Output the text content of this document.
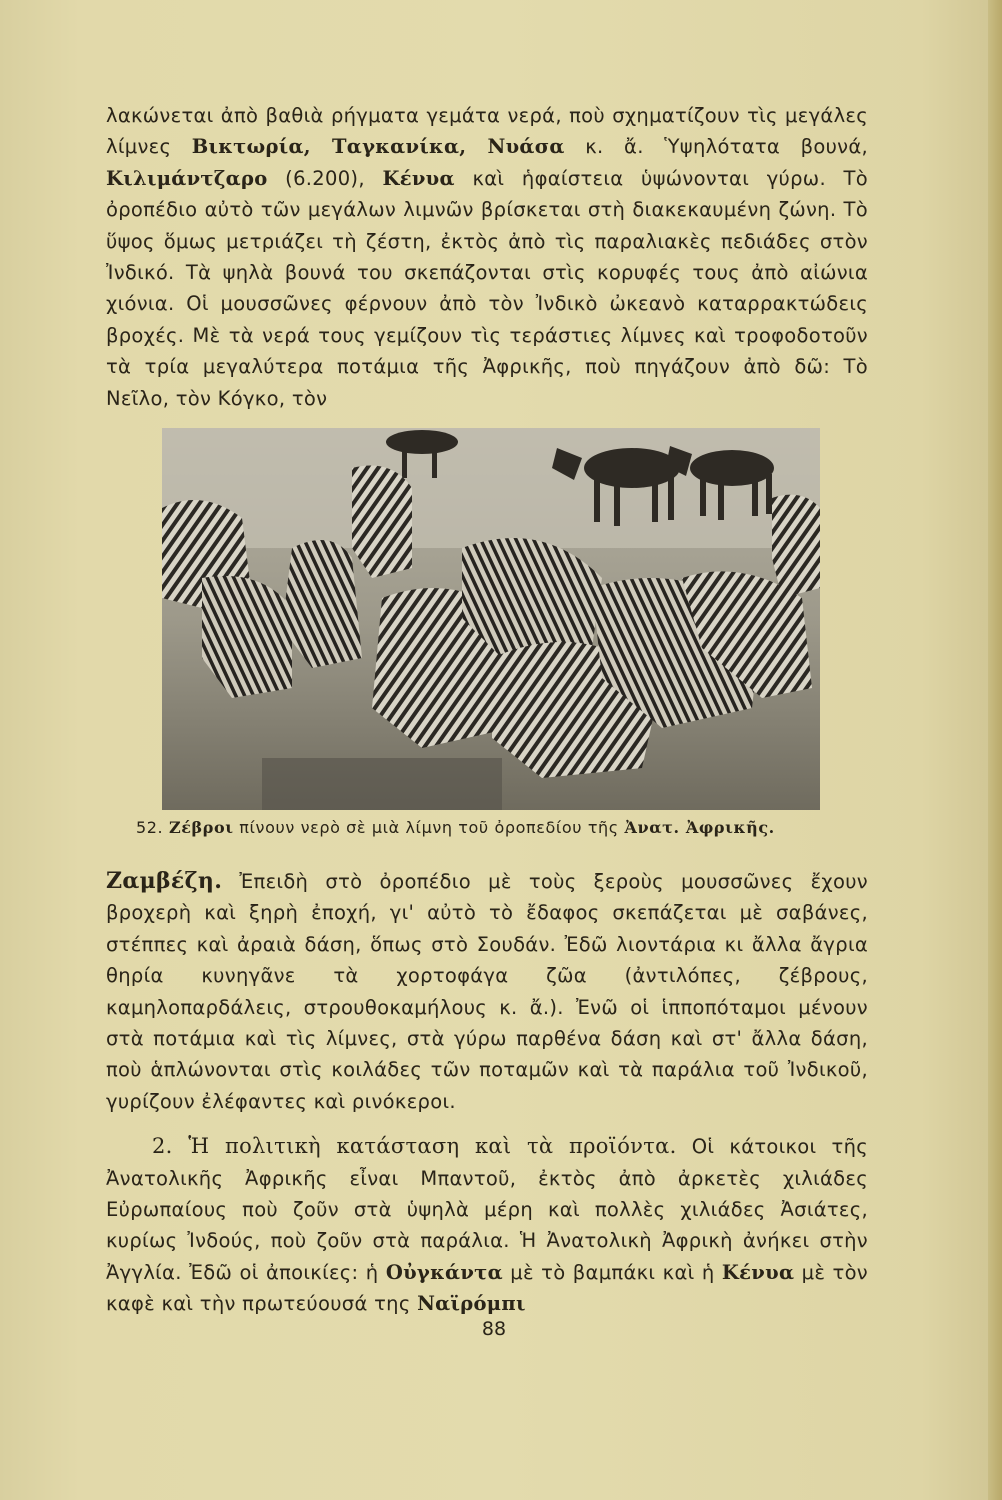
λακώνεται ἀπὸ βαθιὰ ρήγματα γεμάτα νερά, ποὺ σχηματίζουν τὶς μεγάλες λίμνες Βικτωρία, Ταγκανίκα, Νυάσα κ. ἄ. Ὑψηλότατα βουνά, Κιλιμάντζαρο (6.200), Κένυα καὶ ἡφαίστεια ὑψώνονται γύρω. Τὸ ὀροπέδιο αὐτὸ τῶν μεγάλων λιμνῶν βρίσκεται στὴ διακεκαυμένη ζώνη. Τὸ ὕψος ὅμως μετριάζει τὴ ζέστη, ἐκτὸς ἀπὸ τὶς παραλιακὲς πεδιάδες στὸν Ἰνδικό. Τὰ ψηλὰ βουνά του σκεπάζονται στὶς κορυφές τους ἀπὸ αἰώνια χιόνια. Οἱ μουσσῶνες φέρνουν ἀπὸ τὸν Ἰνδικὸ ὠκεανὸ καταρρακτώδεις βροχές. Μὲ τὰ νερά τους γεμίζουν τὶς τεράστιες λίμνες καὶ τροφοδοτοῦν τὰ τρία μεγαλύτερα ποτάμια τῆς Ἀφρικῆς, ποὺ πηγάζουν ἀπὸ δῶ: Τὸ Νεῖλο, τὸν Κόγκο, τὸν

52. Ζέβροι πίνουν νερὸ σὲ μιὰ λίμνη τοῦ ὀροπεδίου τῆς Ἀνατ. Ἀφρικῆς.

Ζαμβέζη. Ἐπειδὴ στὸ ὀροπέδιο μὲ τοὺς ξεροὺς μουσσῶνες ἔχουν βροχερὴ καὶ ξηρὴ ἐποχή, γι' αὐτὸ τὸ ἔδαφος σκεπάζεται μὲ σαβάνες, στέππες καὶ ἀραιὰ δάση, ὅπως στὸ Σουδάν. Ἐδῶ λιοντάρια κι ἄλλα ἄγρια θηρία κυνηγᾶνε τὰ χορτοφάγα ζῶα (ἀντιλόπες, ζέβρους, καμηλοπαρδάλεις, στρουθοκαμήλους κ. ἄ.). Ἐνῶ οἱ ἱπποπόταμοι μένουν στὰ ποτάμια καὶ τὶς λίμνες, στὰ γύρω παρθένα δάση καὶ στ' ἄλλα δάση, ποὺ ἁπλώνονται στὶς κοιλάδες τῶν ποταμῶν καὶ τὰ παράλια τοῦ Ἰνδικοῦ, γυρίζουν ἐλέφαντες καὶ ρινόκεροι.

2. Ἡ πολιτικὴ κατάσταση καὶ τὰ προϊόντα. Οἱ κάτοικοι τῆς Ἀνατολικῆς Ἀφρικῆς εἶναι Μπαντοῦ, ἐκτὸς ἀπὸ ἀρκετὲς χιλιάδες Εὐρωπαίους ποὺ ζοῦν στὰ ὑψηλὰ μέρη καὶ πολλὲς χιλιάδες Ἀσιάτες, κυρίως Ἰνδούς, ποὺ ζοῦν στὰ παράλια. Ἡ Ἀνατολικὴ Ἀφρικὴ ἀνήκει στὴν Ἀγγλία. Ἐδῶ οἱ ἀποικίες: ἡ Οὐγκάντα μὲ τὸ βαμπάκι καὶ ἡ Κένυα μὲ τὸν καφὲ καὶ τὴν πρωτεύουσά της Ναϊρόμπι

88
